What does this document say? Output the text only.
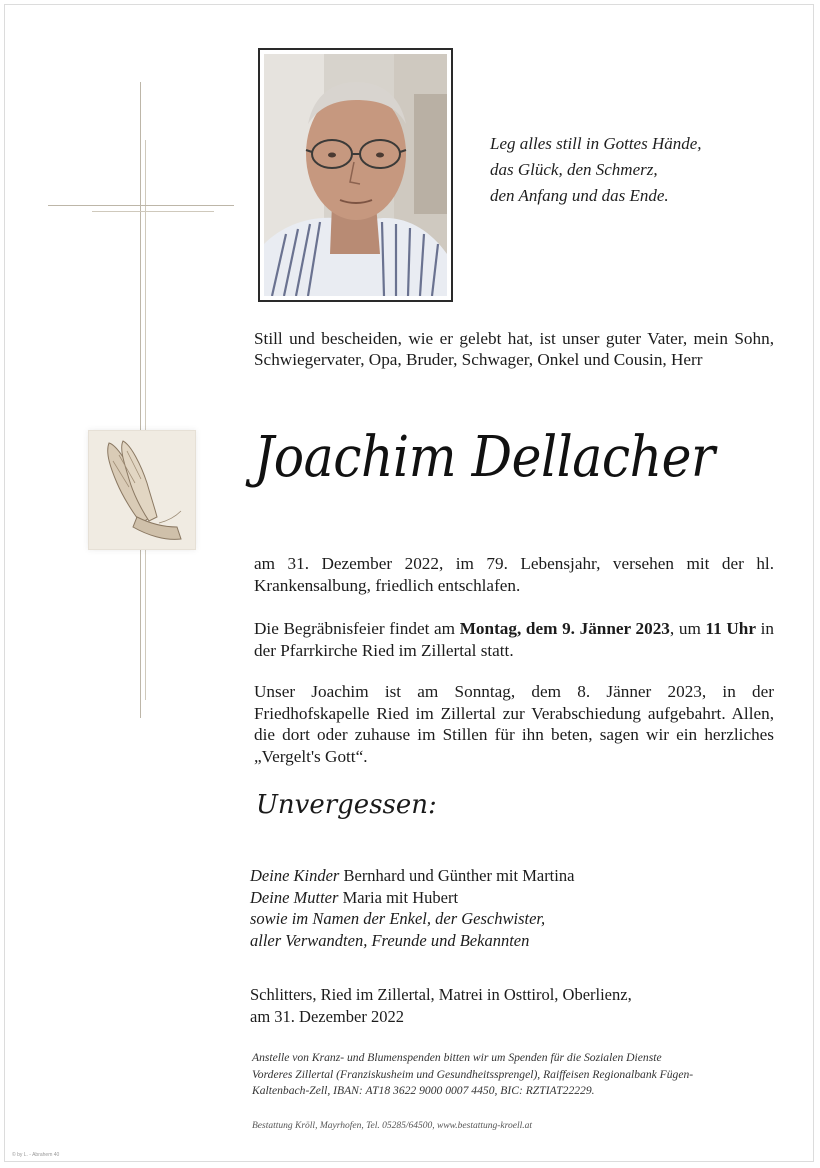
Leg alles still in Gottes Hände,
das Glück, den Schmerz,
den Anfang und das Ende.
Still und bescheiden, wie er gelebt hat, ist unser guter Vater, mein Sohn, Schwiegervater, Opa, Bruder, Schwager, Onkel und Cousin, Herr
Joachim Dellacher
am 31. Dezember 2022, im 79. Lebensjahr, versehen mit der hl. Krankensalbung, friedlich entschlafen.
Die Begräbnisfeier findet am Montag, dem 9. Jänner 2023, um 11 Uhr in der Pfarrkirche Ried im Zillertal statt.
Unser Joachim ist am Sonntag, dem 8. Jänner 2023, in der Friedhofskapelle Ried im Zillertal zur Verabschiedung aufgebahrt. Allen, die dort oder zuhause im Stillen für ihn beten, sagen wir ein herzliches „Vergelt's Gott“.
Unvergessen:
Deine Kinder Bernhard und Günther mit Martina
Deine Mutter Maria mit Hubert
sowie im Namen der Enkel, der Geschwister,
aller Verwandten, Freunde und Bekannten
Schlitters, Ried im Zillertal, Matrei in Osttirol, Oberlienz,
am 31. Dezember 2022
Anstelle von Kranz- und Blumenspenden bitten wir um Spenden für die Sozialen Dienste
Vorderes Zillertal (Franziskusheim und Gesundheitssprengel), Raiffeisen Regionalbank Fügen-
Kaltenbach-Zell, IBAN: AT18 3622 9000 0007 4450, BIC: RZTIAT22229.
Bestattung Kröll, Mayrhofen, Tel. 05285/64500, www.bestattung-kroell.at
© by L. - Abrahem 40
